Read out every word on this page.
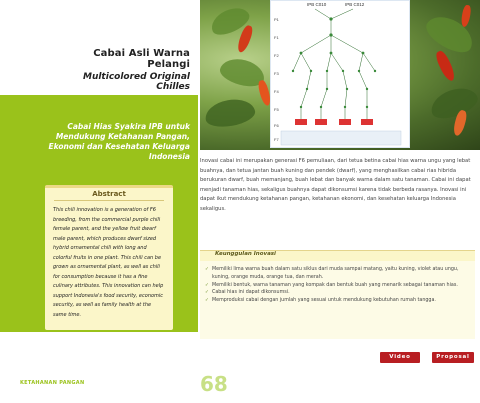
Cabai Asli Warna Pelangi
Multicolored Original Chilles
Cabai Hias Syakira IPB untuk Mendukung Ketahanan Pangan, Ekonomi dan Kesehatan Keluarga Indonesia
Abstract
This chili innovation is a generation of F6 breeding, from the commercial purple chili female parent, and the yellow fruit dwarf male parent, which produces dwarf sized hybrid ornamental chili with long and colorful fruits in one plant. This chili can be grown as ornamental plant, as well as chili for consumption because it has a fine culinary attributes. This innovation can help support Indonesia's food security, economic security, as well as family health at the same time.
KETAHANAN PANGAN	68
IPB C010	IPB C012
P1
F1
F2
F3
F4
F5
F6
F7
Inovasi cabai ini merupakan generasi F6 pemuliaan, dari tetua betina cabai hias warna ungu yang lebat buahnya, dan tetua jantan buah kuning dan pendek (dwarf), yang menghasilkan cabai rias hibrida berukuran dwarf, buah memanjang, buah lebat dan banyak warna dalam satu tanaman. Cabai ini dapat menjadi tanaman hias, sekaligus buahnya dapat dikonsumsi karena tidak berbeda rasanya. Inovasi ini dapat ikut mendukung ketahanan pangan, ketahanan ekonomi, dan kesehatan keluarga Indonesia sekaligus.
Keunggulan Inovasi
✓ Memiliki lima warna buah dalam satu siklus dari muda sampai matang, yaitu kuning, violet atau ungu, kuning, orange muda, orange tua, dan merah.
✓ Memiliki bentuk, warna tanaman yang kompak dan bentuk buah yang menarik sebagai tanaman hias.
✓ Cabai hias ini dapat dikonsumsi.
✓ Memproduksi cabai dengan jumlah yang sesuai untuk mendukung kebutuhan rumah tangga.
Video	Proposal
